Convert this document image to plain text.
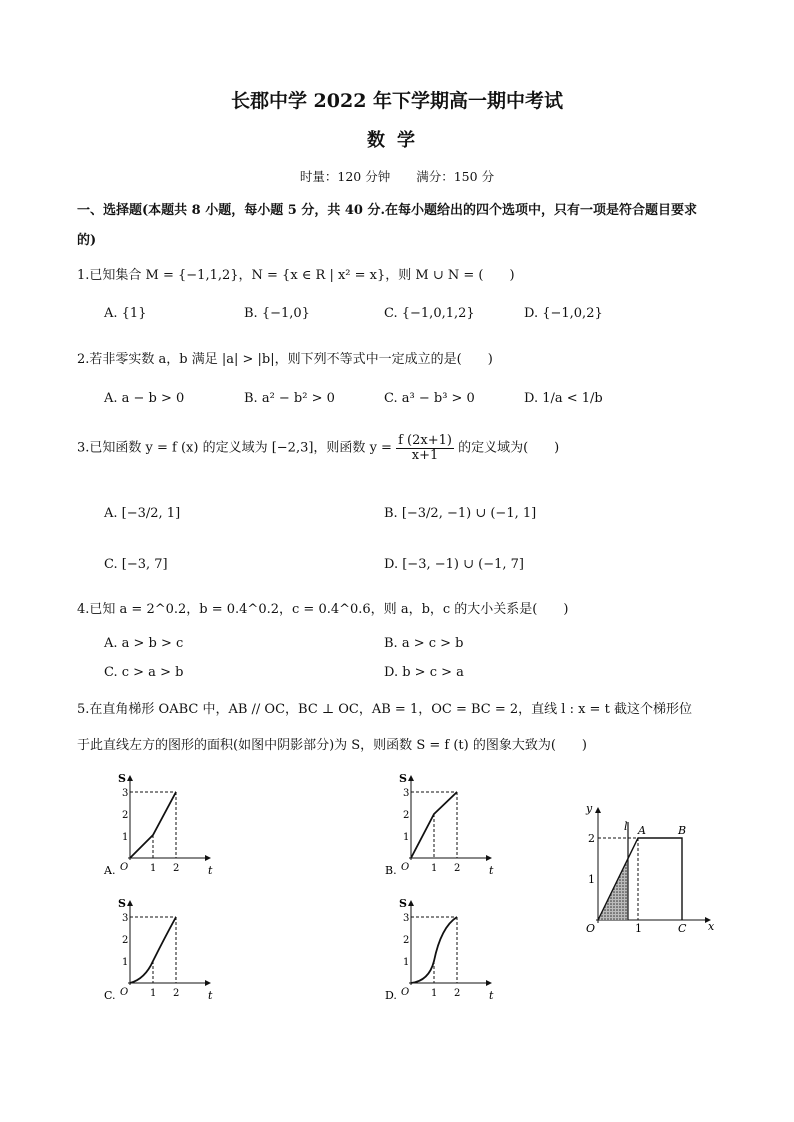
长郡中学 2022 年下学期高一期中考试
数学
时量：120 分钟 满分：150 分
一、选择题(本题共 8 小题，每小题 5 分，共 40 分.在每小题给出的四个选项中，只有一项是符合题目要求
的)
1.已知集合 M = {−1,1,2}，N = {x ∈ R | x² = x}，则 M ∪ N = (　　)
A. {1}	B. {−1,0}	C. {−1,0,1,2}	D. {−1,0,2}
2.若非零实数 a，b 满足 |a| > |b|，则下列不等式中一定成立的是(　　)
A. a − b > 0	B. a² − b² > 0	C. a³ − b³ > 0	D. 1/a < 1/b
3.已知函数 y = f (x) 的定义域为 [−2,3]，则函数 $y = \frac{f (2x+1)}{x+1}$ 的定义域为(　　)
A. [−3/2, 1]	B. [−3/2, −1) ∪ (−1, 1]
C. [−3, 7]	D. [−3, −1) ∪ (−1, 7]
4.已知 a = 2^0.2，b = 0.4^0.2，c = 0.4^0.6，则 a，b，c 的大小关系是(　　)
A. a > b > c	B. a > c > b
C. c > a > b	D. b > c > a
5.在直角梯形 OABC 中，AB // OC，BC ⊥ OC，AB = 1，OC = BC = 2，直线 l : x = t 截这个梯形位
于此直线左方的图形的面积(如图中阴影部分)为 S，则函数 S = f (t) 的图象大致为(　　)
S
t
O
3
2
1
1 2
A.
S
t
O
3
2
1
1 2
B.
S
t
O
3
2
1
1 2
C.
S
t
O
3
2
1
1 2
D.
y
x
O
2
1
1
l A	B
C
